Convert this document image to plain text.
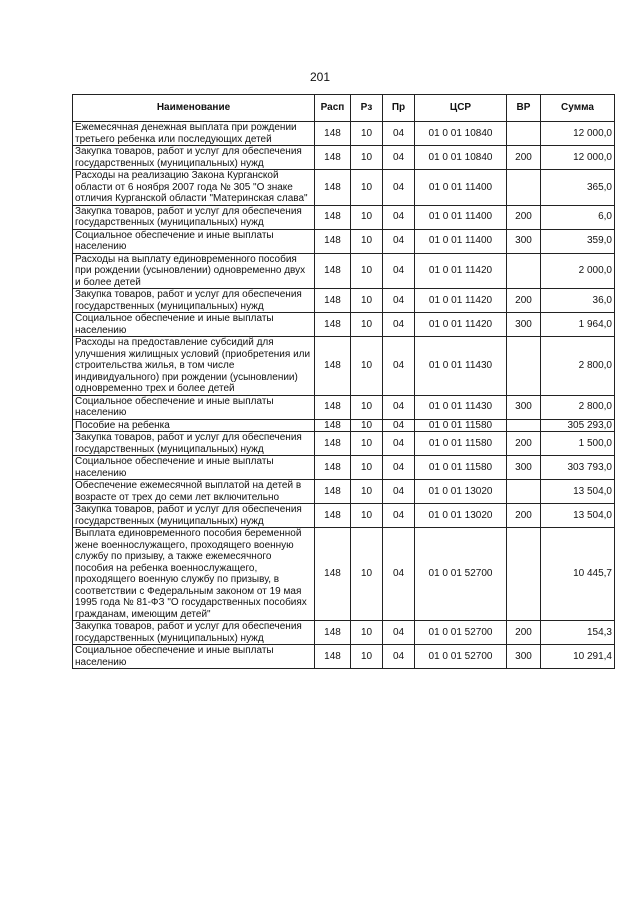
201
Наименование	Расп	Рз	Пр	ЦСР	ВР	Сумма
Ежемесячная денежная выплата при рождении третьего ребенка или последующих детей	148	10	04	01 0 01 10840		12 000,0
Закупка товаров, работ и услуг для обеспечения государственных (муниципальных) нужд	148	10	04	01 0 01 10840	200	12 000,0
Расходы на реализацию Закона Курганской области от 6 ноября 2007 года № 305 "О знаке отличия Курганской области "Материнская слава"	148	10	04	01 0 01 11400		365,0
Закупка товаров, работ и услуг для обеспечения государственных (муниципальных) нужд	148	10	04	01 0 01 11400	200	6,0
Социальное обеспечение и иные выплаты населению	148	10	04	01 0 01 11400	300	359,0
Расходы на выплату единовременного пособия при рождении (усыновлении) одновременно двух и более детей	148	10	04	01 0 01 11420		2 000,0
Закупка товаров, работ и услуг для обеспечения государственных (муниципальных) нужд	148	10	04	01 0 01 11420	200	36,0
Социальное обеспечение и иные выплаты населению	148	10	04	01 0 01 11420	300	1 964,0
Расходы на предоставление субсидий для улучшения жилищных условий (приобретения или строительства жилья, в том числе индивидуального) при рождении (усыновлении) одновременно трех и более детей	148	10	04	01 0 01 11430		2 800,0
Социальное обеспечение и иные выплаты населению	148	10	04	01 0 01 11430	300	2 800,0
Пособие на ребенка	148	10	04	01 0 01 11580		305 293,0
Закупка товаров, работ и услуг для обеспечения государственных (муниципальных) нужд	148	10	04	01 0 01 11580	200	1 500,0
Социальное обеспечение и иные выплаты населению	148	10	04	01 0 01 11580	300	303 793,0
Обеспечение ежемесячной выплатой на детей в возрасте от трех до семи лет включительно	148	10	04	01 0 01 13020		13 504,0
Закупка товаров, работ и услуг для обеспечения государственных (муниципальных) нужд	148	10	04	01 0 01 13020	200	13 504,0
Выплата единовременного пособия беременной жене военнослужащего, проходящего военную службу по призыву, а также ежемесячного пособия на ребенка военнослужащего, проходящего военную службу по призыву, в соответствии с Федеральным законом от 19 мая 1995 года № 81-ФЗ "О государственных пособиях гражданам, имеющим детей"	148	10	04	01 0 01 52700		10 445,7
Закупка товаров, работ и услуг для обеспечения государственных (муниципальных) нужд	148	10	04	01 0 01 52700	200	154,3
Социальное обеспечение и иные выплаты населению	148	10	04	01 0 01 52700	300	10 291,4
